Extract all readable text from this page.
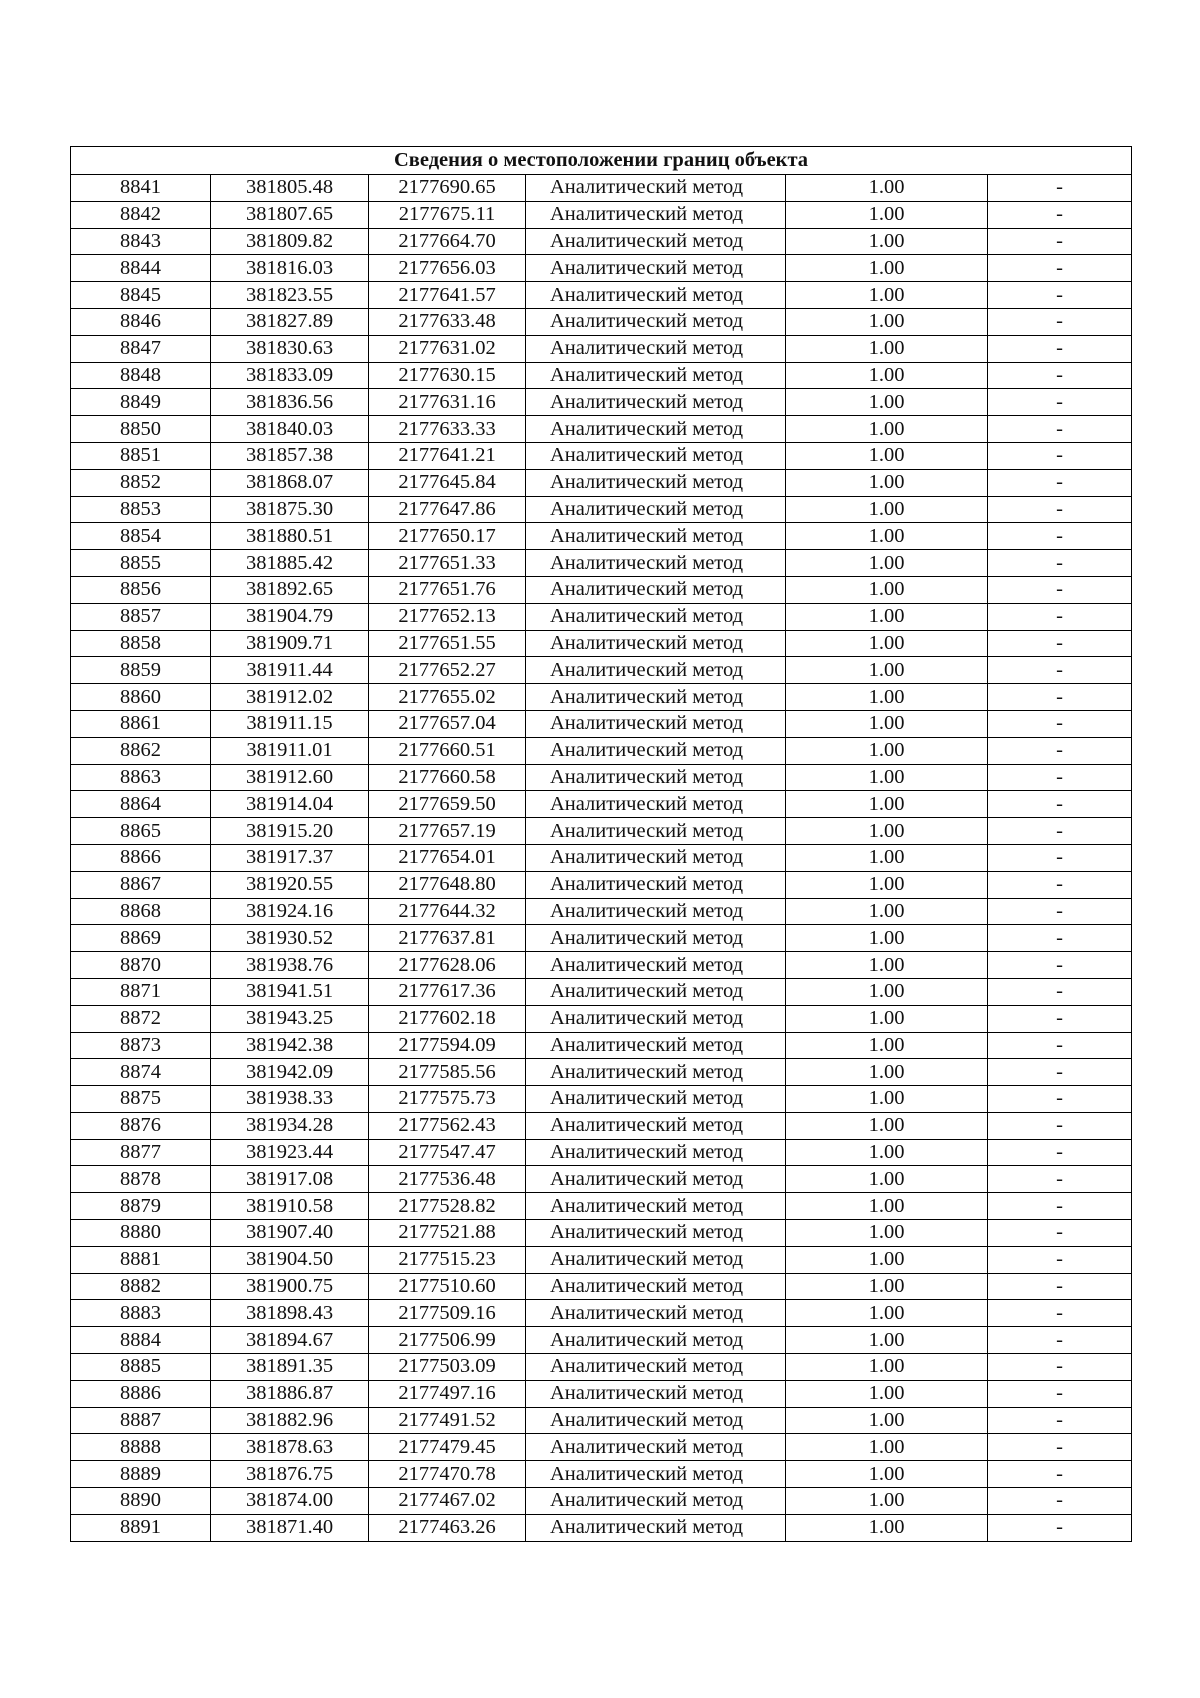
Сведения о местоположении границ объекта					
8841	381805.48	2177690.65	Аналитический метод	1.00	-
8842	381807.65	2177675.11	Аналитический метод	1.00	-
8843	381809.82	2177664.70	Аналитический метод	1.00	-
8844	381816.03	2177656.03	Аналитический метод	1.00	-
8845	381823.55	2177641.57	Аналитический метод	1.00	-
8846	381827.89	2177633.48	Аналитический метод	1.00	-
8847	381830.63	2177631.02	Аналитический метод	1.00	-
8848	381833.09	2177630.15	Аналитический метод	1.00	-
8849	381836.56	2177631.16	Аналитический метод	1.00	-
8850	381840.03	2177633.33	Аналитический метод	1.00	-
8851	381857.38	2177641.21	Аналитический метод	1.00	-
8852	381868.07	2177645.84	Аналитический метод	1.00	-
8853	381875.30	2177647.86	Аналитический метод	1.00	-
8854	381880.51	2177650.17	Аналитический метод	1.00	-
8855	381885.42	2177651.33	Аналитический метод	1.00	-
8856	381892.65	2177651.76	Аналитический метод	1.00	-
8857	381904.79	2177652.13	Аналитический метод	1.00	-
8858	381909.71	2177651.55	Аналитический метод	1.00	-
8859	381911.44	2177652.27	Аналитический метод	1.00	-
8860	381912.02	2177655.02	Аналитический метод	1.00	-
8861	381911.15	2177657.04	Аналитический метод	1.00	-
8862	381911.01	2177660.51	Аналитический метод	1.00	-
8863	381912.60	2177660.58	Аналитический метод	1.00	-
8864	381914.04	2177659.50	Аналитический метод	1.00	-
8865	381915.20	2177657.19	Аналитический метод	1.00	-
8866	381917.37	2177654.01	Аналитический метод	1.00	-
8867	381920.55	2177648.80	Аналитический метод	1.00	-
8868	381924.16	2177644.32	Аналитический метод	1.00	-
8869	381930.52	2177637.81	Аналитический метод	1.00	-
8870	381938.76	2177628.06	Аналитический метод	1.00	-
8871	381941.51	2177617.36	Аналитический метод	1.00	-
8872	381943.25	2177602.18	Аналитический метод	1.00	-
8873	381942.38	2177594.09	Аналитический метод	1.00	-
8874	381942.09	2177585.56	Аналитический метод	1.00	-
8875	381938.33	2177575.73	Аналитический метод	1.00	-
8876	381934.28	2177562.43	Аналитический метод	1.00	-
8877	381923.44	2177547.47	Аналитический метод	1.00	-
8878	381917.08	2177536.48	Аналитический метод	1.00	-
8879	381910.58	2177528.82	Аналитический метод	1.00	-
8880	381907.40	2177521.88	Аналитический метод	1.00	-
8881	381904.50	2177515.23	Аналитический метод	1.00	-
8882	381900.75	2177510.60	Аналитический метод	1.00	-
8883	381898.43	2177509.16	Аналитический метод	1.00	-
8884	381894.67	2177506.99	Аналитический метод	1.00	-
8885	381891.35	2177503.09	Аналитический метод	1.00	-
8886	381886.87	2177497.16	Аналитический метод	1.00	-
8887	381882.96	2177491.52	Аналитический метод	1.00	-
8888	381878.63	2177479.45	Аналитический метод	1.00	-
8889	381876.75	2177470.78	Аналитический метод	1.00	-
8890	381874.00	2177467.02	Аналитический метод	1.00	-
8891	381871.40	2177463.26	Аналитический метод	1.00	-
